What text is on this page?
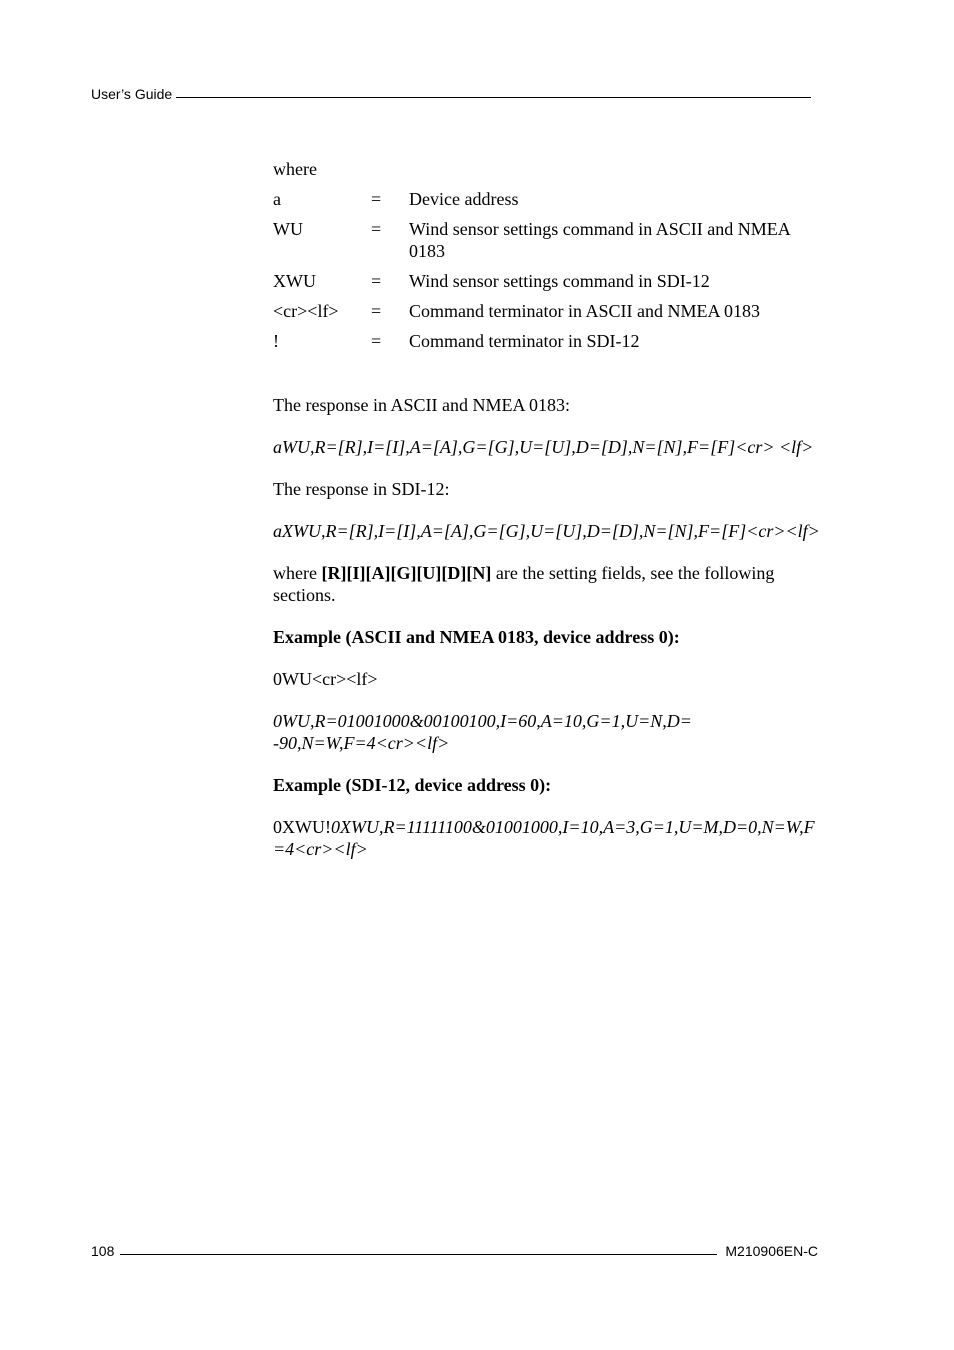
User’s Guide

where

a	=	Device address
WU	=	Wind sensor settings command in ASCII and NMEA 0183
XWU	=	Wind sensor settings command in SDI-12
<cr><lf>	=	Command terminator in ASCII and NMEA 0183
!	=	Command terminator in SDI-12

The response in ASCII and NMEA 0183:

aWU,R=[R],I=[I],A=[A],G=[G],U=[U],D=[D],N=[N],F=[F]<cr> <lf>

The response in SDI-12:

aXWU,R=[R],I=[I],A=[A],G=[G],U=[U],D=[D],N=[N],F=[F]<cr><lf>

where [R][I][A][G][U][D][N] are the setting fields, see the following sections.

Example (ASCII and NMEA 0183, device address 0):

0WU<cr><lf>

0WU,R=01001000&00100100,I=60,A=10,G=1,U=N,D= -90,N=W,F=4<cr><lf>

Example (SDI-12, device address 0):

0XWU!0XWU,R=11111100&01001000,I=10,A=3,G=1,U=M,D=0,N=W,F=4<cr><lf>

108	M210906EN-C
